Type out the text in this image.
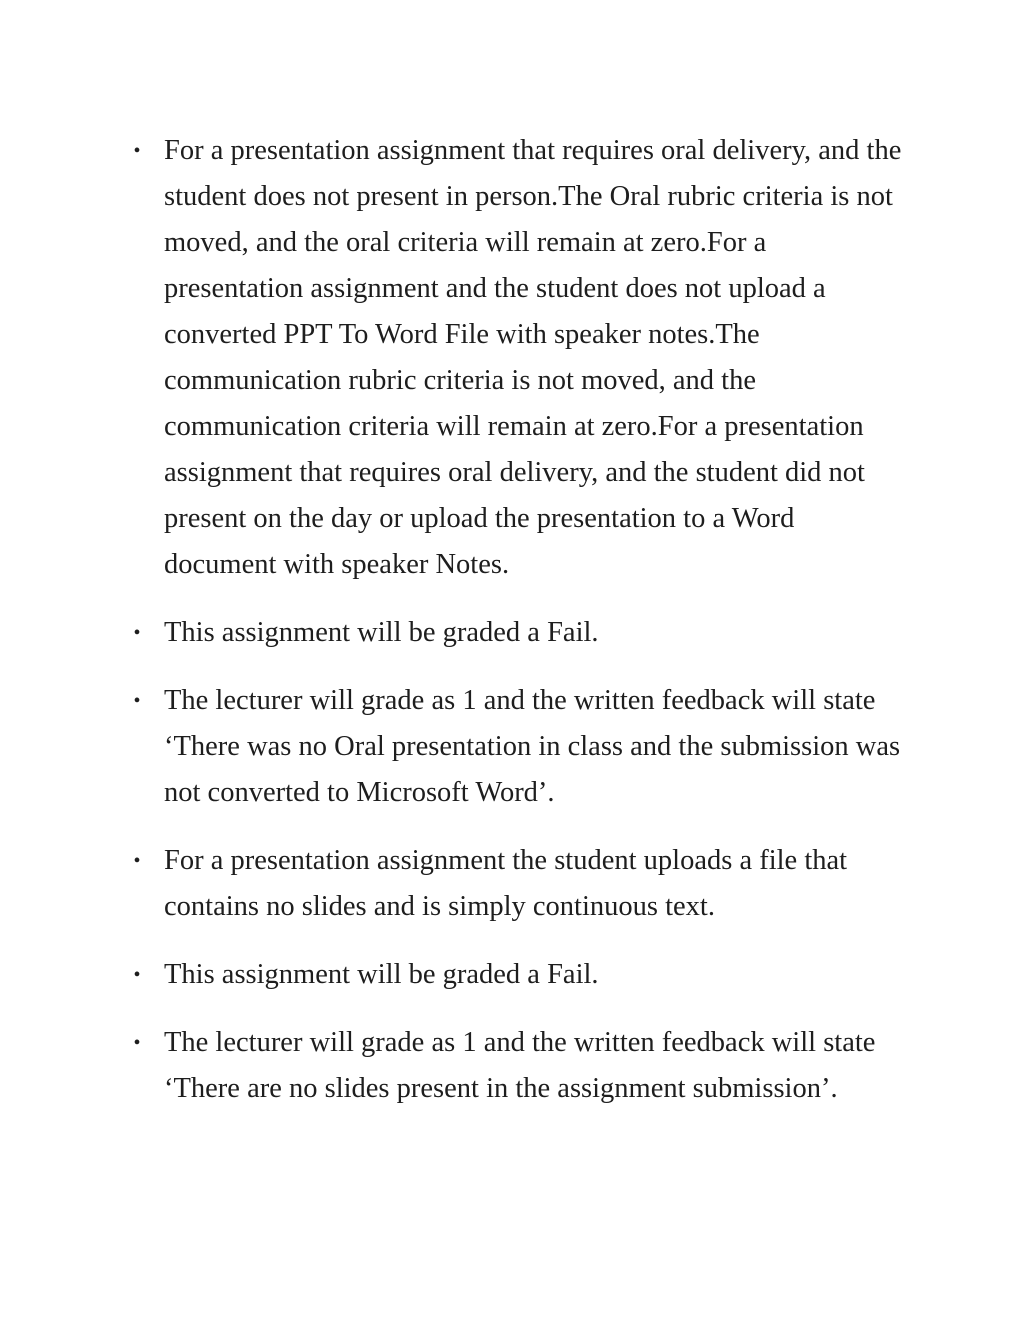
• For a presentation assignment that requires oral delivery, and the student does not present in person.The Oral rubric criteria is not moved, and the oral criteria will remain at zero.For a presentation assignment and the student does not upload a converted PPT To Word File with speaker notes.The communication rubric criteria is not moved, and the communication criteria will remain at zero.For a presentation assignment that requires oral delivery, and the student did not present on the day or upload the presentation to a Word document with speaker Notes.
• This assignment will be graded a Fail.
• The lecturer will grade as 1 and the written feedback will state ‘There was no Oral presentation in class and the submission was not converted to Microsoft Word’.
• For a presentation assignment the student uploads a file that contains no slides and is simply continuous text.
• This assignment will be graded a Fail.
• The lecturer will grade as 1 and the written feedback will state ‘There are no slides present in the assignment submission’.
